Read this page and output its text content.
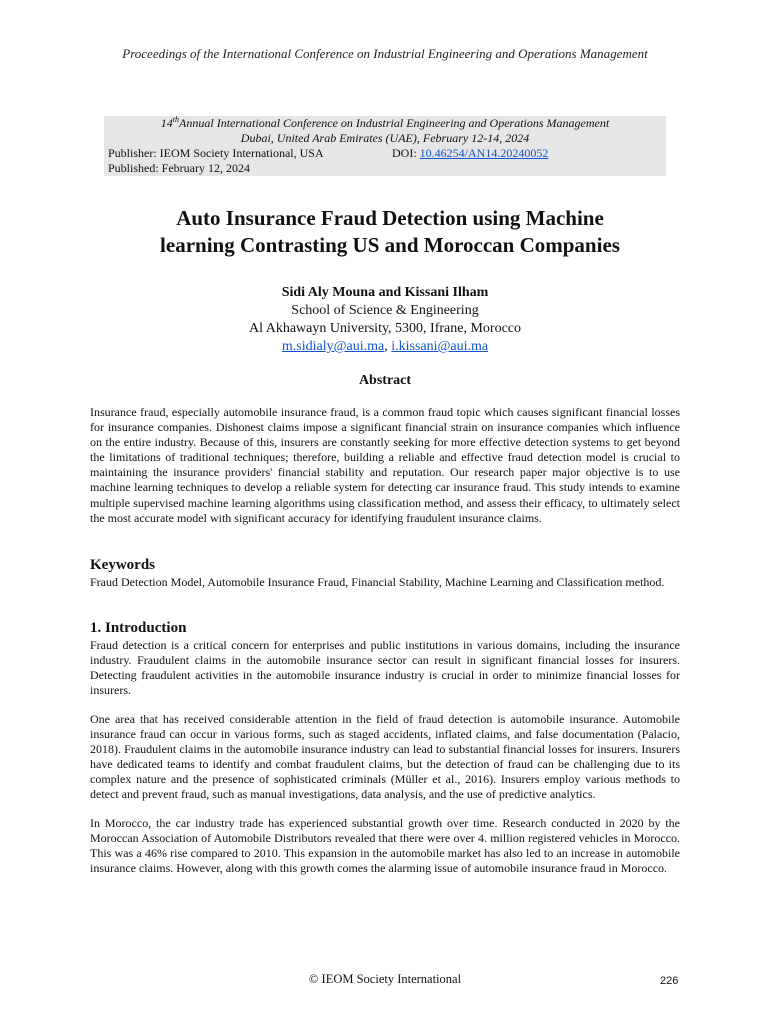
Proceedings of the International Conference on Industrial Engineering and Operations Management
14thAnnual International Conference on Industrial Engineering and Operations Management
Dubai, United Arab Emirates (UAE), February 12-14, 2024
Publisher: IEOM Society International, USA	DOI: 10.46254/AN14.20240052
Published: February 12, 2024
Auto Insurance Fraud Detection using Machine
learning Contrasting US and Moroccan Companies
Sidi Aly Mouna and Kissani Ilham
School of Science & Engineering
Al Akhawayn University, 5300, Ifrane, Morocco
m.sidialy@aui.ma, i.kissani@aui.ma
Abstract
Insurance fraud, especially automobile insurance fraud, is a common fraud topic which causes significant financial losses for insurance companies. Dishonest claims impose a significant financial strain on insurance companies which influence on the entire industry. Because of this, insurers are constantly seeking for more effective detection systems to get beyond the limitations of traditional techniques; therefore, building a reliable and effective fraud detection model is crucial to maintaining the insurance providers' financial stability and reputation. Our research paper major objective is to use machine learning techniques to develop a reliable system for detecting car insurance fraud. This study intends to examine multiple supervised machine learning algorithms using classification method, and assess their efficacy, to ultimately select the most accurate model with significant accuracy for identifying fraudulent insurance claims.
Keywords
Fraud Detection Model, Automobile Insurance Fraud, Financial Stability, Machine Learning and Classification method.
1. Introduction
Fraud detection is a critical concern for enterprises and public institutions in various domains, including the insurance industry. Fraudulent claims in the automobile insurance sector can result in significant financial losses for insurers. Detecting fraudulent activities in the automobile insurance industry is crucial in order to minimize financial losses for insurers.
One area that has received considerable attention in the field of fraud detection is automobile insurance. Automobile insurance fraud can occur in various forms, such as staged accidents, inflated claims, and false documentation (Palacio, 2018). Fraudulent claims in the automobile insurance industry can lead to substantial financial losses for insurers. Insurers have dedicated teams to identify and combat fraudulent claims, but the detection of fraud can be challenging due to its complex nature and the presence of sophisticated criminals (Müller et al., 2016). Insurers employ various methods to detect and prevent fraud, such as manual investigations, data analysis, and the use of predictive analytics.
In Morocco, the car industry trade has experienced substantial growth over time. Research conducted in 2020 by the Moroccan Association of Automobile Distributors revealed that there were over 4. million registered vehicles in Morocco. This was a 46% rise compared to 2010. This expansion in the automobile market has also led to an increase in automobile insurance claims. However, along with this growth comes the alarming issue of automobile insurance fraud in Morocco.
© IEOM Society International	226
